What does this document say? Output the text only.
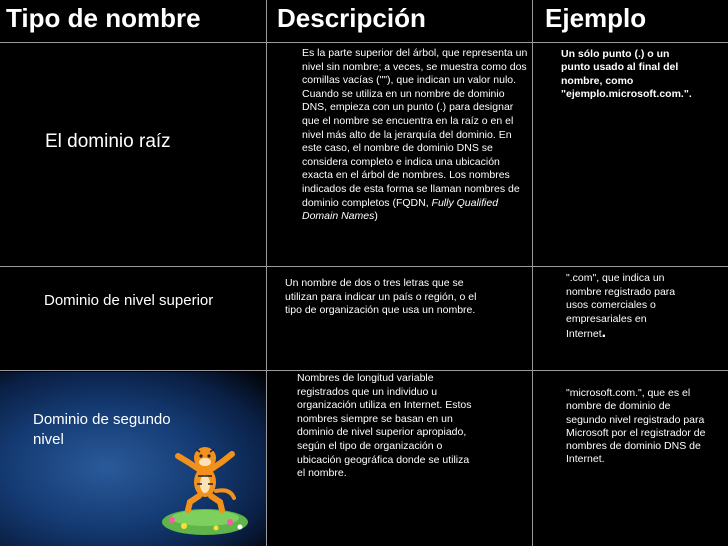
Tipo de nombre	Descripción	Ejemplo
El dominio raíz
Es la parte superior del árbol, que representa un nivel sin nombre; a veces, se muestra como dos comillas vacías (""), que indican un valor nulo. Cuando se utiliza en un nombre de dominio DNS, empieza con un punto (.) para designar que el nombre se encuentra en la raíz o en el nivel más alto de la jerarquía del dominio. En este caso, el nombre de dominio DNS se considera completo e indica una ubicación exacta en el árbol de nombres. Los nombres indicados de esta forma se llaman nombres de dominio completos (FQDN, Fully Qualified Domain Names)
Un sólo punto (.) o un punto usado al final del nombre, como "ejemplo.microsoft.com.".
Dominio de nivel superior
Un nombre de dos o tres letras que se utilizan para indicar un país o región, o el tipo de organización que usa un nombre.
".com", que indica un nombre registrado para usos comerciales o empresariales en Internet.
Dominio de segundo nivel
Nombres de longitud variable registrados que un individuo u organización utiliza en Internet. Estos nombres siempre se basan en un dominio de nivel superior apropiado, según el tipo de organización o ubicación geográfica donde se utiliza el nombre.
"microsoft.com.", que es el nombre de dominio de segundo nivel registrado para Microsoft por el registrador de nombres de dominio DNS de Internet.
